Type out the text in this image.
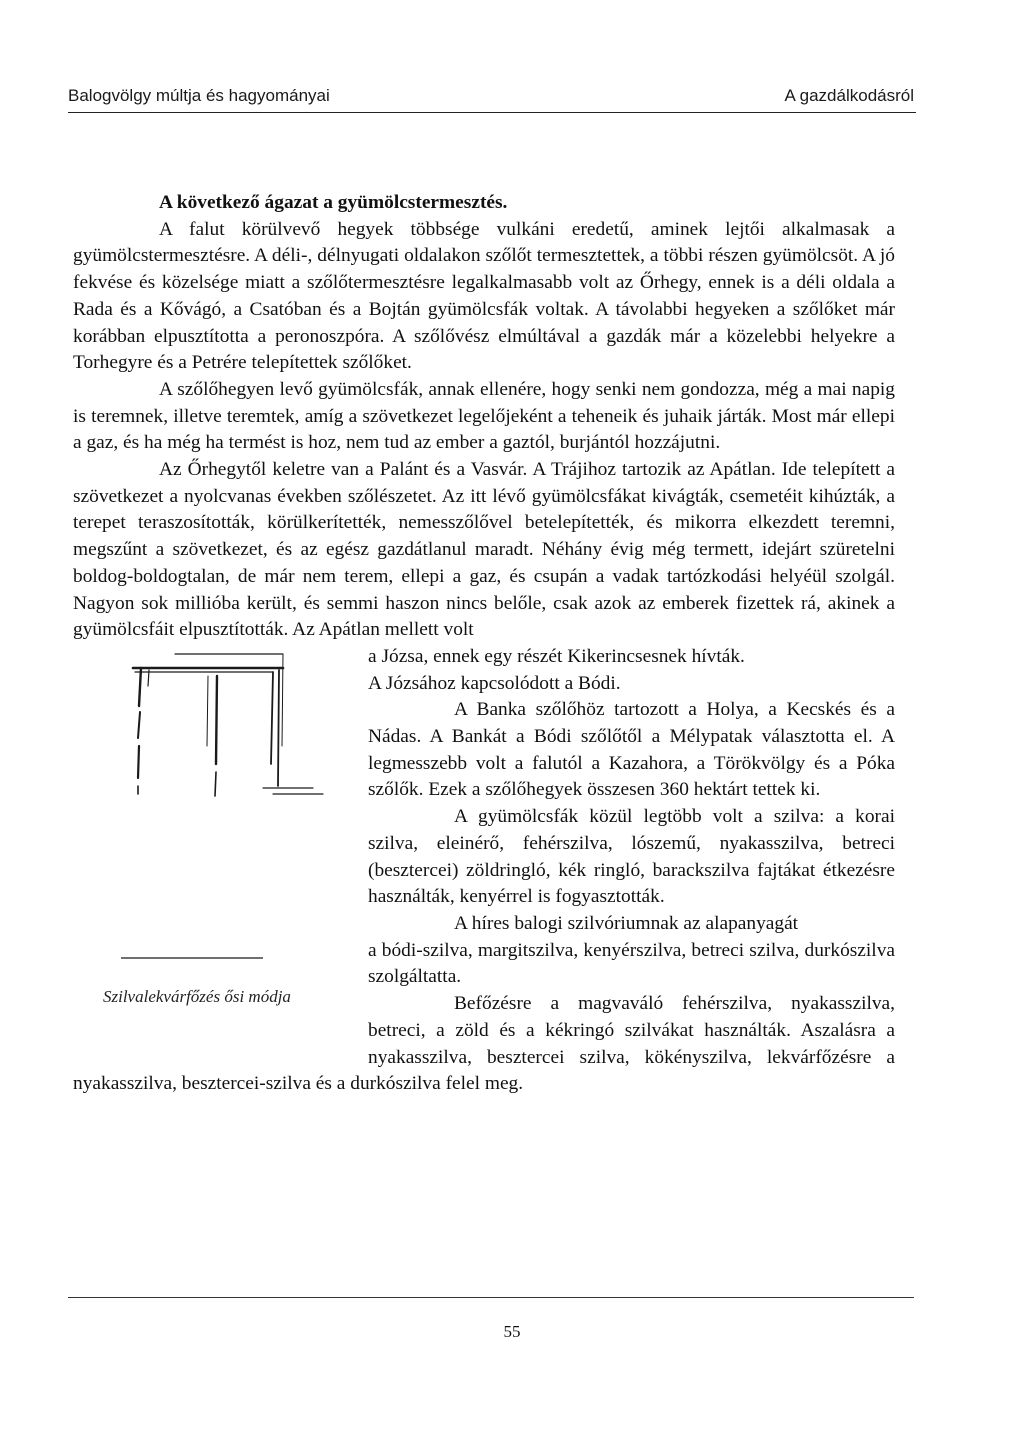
Balogvölgy múltja és hagyományai	A gazdálkodásról

A következő ágazat a gyümölcstermesztés.

A falut körülvevő hegyek többsége vulkáni eredetű, aminek lejtői alkalmasak a gyümölcstermesztésre. A déli-, délnyugati oldalakon szőlőt termesztettek, a többi részen gyümölcsöt. A jó fekvése és közelsége miatt a szőlőtermesztésre legalkalmasabb volt az Őrhegy, ennek is a déli oldala a Rada és a Kővágó, a Csatóban és a Bojtán gyümölcsfák voltak. A távolabbi hegyeken a szőlőket már korábban elpusztította a peronoszpóra. A szőlővész elmúltával a gazdák már a közelebbi helyekre a Torhegyre és a Petrére telepítettek szőlőket.

A szőlőhegyen levő gyümölcsfák, annak ellenére, hogy senki nem gondozza, még a mai napig is teremnek, illetve teremtek, amíg a szövetkezet legelőjeként a teheneik és juhaik járták. Most már ellepi a gaz, és ha még ha termést is hoz, nem tud az ember a gaztól, burjántól hozzájutni.

Az Őrhegytől keletre van a Palánt és a Vasvár. A Trájihoz tartozik az Apátlan. Ide telepített a szövetkezet a nyolcvanas években szőlészetet. Az itt lévő gyümölcsfákat kivágták, csemetéit kihúzták, a terepet teraszosították, körülkerítették, nemesszőlővel betelepítették, és mikorra elkezdett teremni, megszűnt a szövetkezet, és az egész gazdátlanul maradt. Néhány évig még termett, idejárt szüretelni boldog-boldogtalan, de már nem terem, ellepi a gaz, és csupán a vadak tartózkodási helyéül szolgál. Nagyon sok millióba került, és semmi haszon nincs belőle, csak azok az emberek fizettek rá, akinek a gyümölcsfáit elpusztították. Az Apátlan mellett volt

Szilvalekvárfőzés ősi módja

a Józsa, ennek egy részét Kikerincsesnek hívták.

A Józsához kapcsolódott a Bódi.

A Banka szőlőhöz tartozott a Holya, a Kecskés és a Nádas. A Bankát a Bódi szőlőtől a Mélypatak választotta el. A legmesszebb volt a falutól a Kazahora, a Törökvölgy és a Póka szőlők. Ezek a szőlőhegyek összesen 360 hektárt tettek ki.

A gyümölcsfák közül legtöbb volt a szilva: a korai szilva, eleinérő, fehérszilva, lószemű, nyakasszilva, betreci (besztercei) zöldringló, kék ringló, barackszilva fajtákat étkezésre használták, kenyérrel is fogyasztották.

A híres balogi szilvóriumnak az alapanyagát

a bódi-szilva, margitszilva, kenyérszilva, betreci szilva, durkószilva szolgáltatta.

Befőzésre a magvaváló fehérszilva, nyakasszilva, betreci, a zöld és a kékringó szilvákat használták. Aszalásra a nyakasszilva, besztercei szilva, kökényszilva, lekvárfőzésre a nyakasszilva, besztercei-szilva és a durkószilva felel meg.

55
